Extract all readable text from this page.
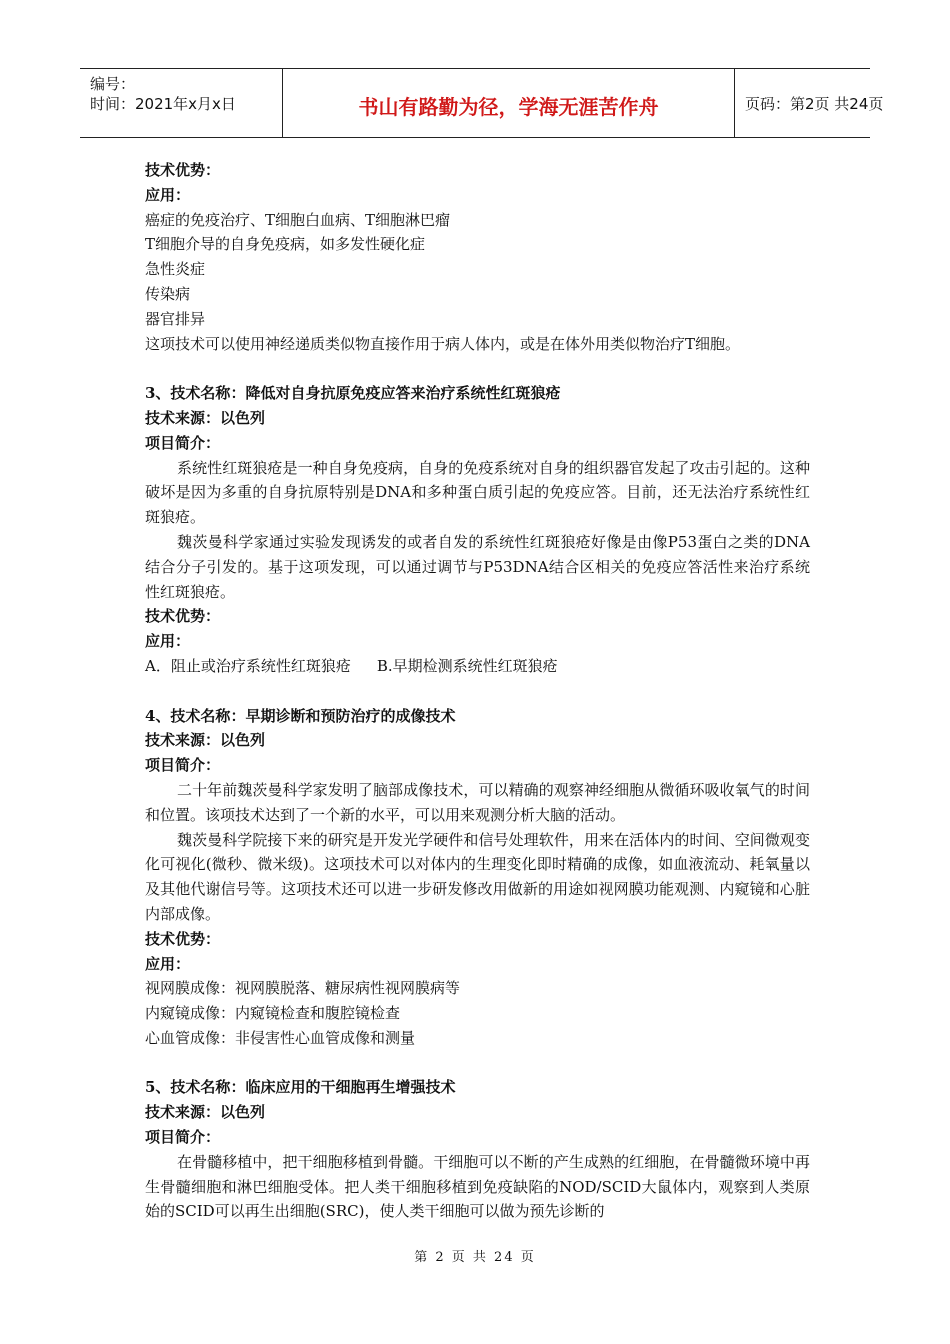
编号：
时间：2021年x月x日	书山有路勤为径，学海无涯苦作舟	页码：第2页 共24页

技术优势：

应用：

癌症的免疫治疗、T细胞白血病、T细胞淋巴瘤

T细胞介导的自身免疫病，如多发性硬化症

急性炎症

传染病

器官排异

这项技术可以使用神经递质类似物直接作用于病人体内，或是在体外用类似物治疗T细胞。

3、技术名称：降低对自身抗原免疫应答来治疗系统性红斑狼疮

技术来源：以色列

项目简介：

系统性红斑狼疮是一种自身免疫病，自身的免疫系统对自身的组织器官发起了攻击引起的。这种破坏是因为多重的自身抗原特别是DNA和多种蛋白质引起的免疫应答。目前，还无法治疗系统性红斑狼疮。

魏茨曼科学家通过实验发现诱发的或者自发的系统性红斑狼疮好像是由像P53蛋白之类的DNA结合分子引发的。基于这项发现，可以通过调节与P53DNA结合区相关的免疫应答活性来治疗系统性红斑狼疮。

技术优势：

应用：

A．阻止或治疗系统性红斑狼疮 B.早期检测系统性红斑狼疮

4、技术名称：早期诊断和预防治疗的成像技术

技术来源：以色列

项目简介：

二十年前魏茨曼科学家发明了脑部成像技术，可以精确的观察神经细胞从微循环吸收氧气的时间和位置。该项技术达到了一个新的水平，可以用来观测分析大脑的活动。

魏茨曼科学院接下来的研究是开发光学硬件和信号处理软件，用来在活体内的时间、空间微观变化可视化(微秒、微米级)。这项技术可以对体内的生理变化即时精确的成像，如血液流动、耗氧量以及其他代谢信号等。这项技术还可以进一步研发修改用做新的用途如视网膜功能观测、内窥镜和心脏内部成像。

技术优势：

应用：

视网膜成像：视网膜脱落、糖尿病性视网膜病等

内窥镜成像：内窥镜检查和腹腔镜检查

心血管成像：非侵害性心血管成像和测量

5、技术名称：临床应用的干细胞再生增强技术

技术来源：以色列

项目简介：

在骨髓移植中，把干细胞移植到骨髓。干细胞可以不断的产生成熟的红细胞，在骨髓微环境中再生骨髓细胞和淋巴细胞受体。把人类干细胞移植到免疫缺陷的NOD/SCID大鼠体内，观察到人类原始的SCID可以再生出细胞(SRC)，使人类干细胞可以做为预先诊断的

第 2 页 共 24 页
